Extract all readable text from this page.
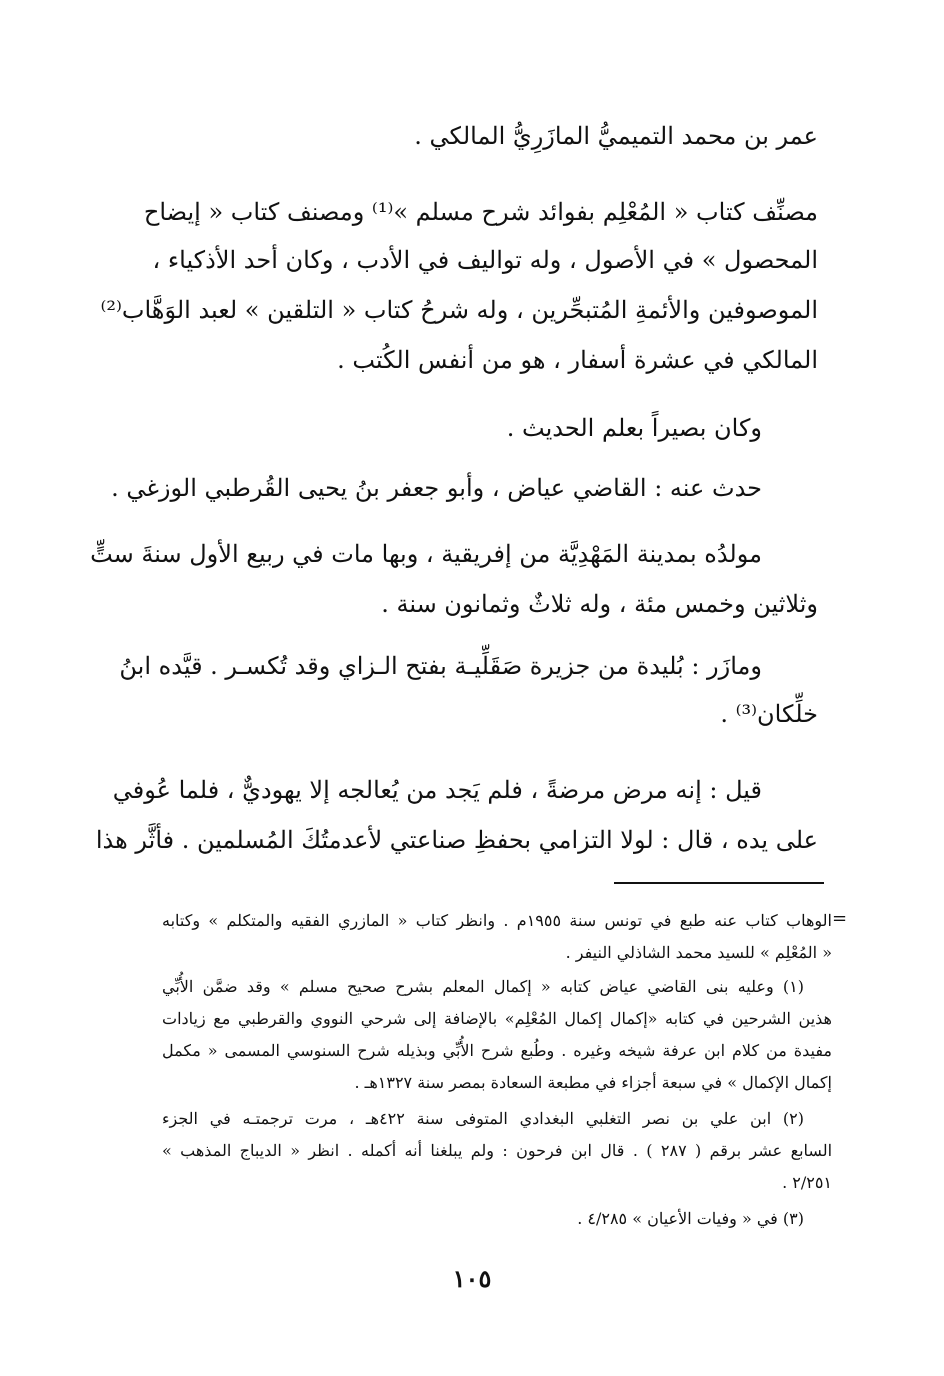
عمر بن محمد التميميُّ المازَرِيُّ المالكي .
مصنِّف كتاب « المُعْلِم بفوائد شرح مسلم »⁽¹⁾ ومصنف كتاب « إيضاح
المحصول » في الأصول ، وله تواليف في الأدب ، وكان أحد الأذكياء ،
الموصوفين والأئمةِ المُتبحِّرين ، وله شرحُ كتاب « التلقين » لعبد الوَهَّاب⁽²⁾
المالكي في عشرة أسفار ، هو من أنفس الكُتب .
وكان بصيراً بعلم الحديث .
حدث عنه : القاضي عياض ، وأبو جعفر بنُ يحيى القُرطبي الوزغي .
مولدُه بمدينة المَهْدِيَّة من إفريقية ، وبها مات في ربيع الأول سنةَ ستٍّ
وثلاثين وخمس مئة ، وله ثلاثٌ وثمانون سنة .
ومازَر : بُليدة من جزيرة صَقَلِّيـة بفتح الـزاي وقد تُكسـر . قيَّده ابنُ
خلِّكان⁽³⁾ .
قيل : إنه مرض مرضةً ، فلم يَجد من يُعالجه إلا يهوديٌّ ، فلما عُوفي
على يده ، قال : لولا التزامي بحفظِ صناعتي لأعدمتُكَ المُسلمين . فأثَّر هذا
=
الوهاب كتاب عنه طبع في تونس سنة ١٩٥٥م . وانظر كتاب « المازري الفقيه والمتكلم » وكتابه
« المُعْلِم » للسيد محمد الشاذلي النيفر .
(١) وعليه بنى القاضي عياض كتابه « إكمال المعلم بشرح صحيح مسلم » وقد ضمَّن الأُبِّي
هذين الشرحين في كتابه «إكمال إكمال المُعْلِم» بالإضافة إلى شرحي النووي والقرطبي مع زيادات
مفيدة من كلام ابن عرفة شيخه وغيره . وطُبع شرح الأُبِّي وبذيله شرح السنوسي المسمى « مكمل
إكمال الإكمال » في سبعة أجزاء في مطبعة السعادة بمصر سنة ١٣٢٧هـ .
(٢) ابن علي بن نصر التغلبي البغدادي المتوفى سنة ٤٢٢هـ ، مرت ترجمتـه في الجزء
السابع عشر برقم ( ٢٨٧ ) . قال ابن فرحون : ولم يبلغنا أنه أكمله . انظر « الديباج المذهب »
٢/٢٥١ .
(٣) في « وفيات الأعيان » ٤/٢٨٥ .
١٠٥
